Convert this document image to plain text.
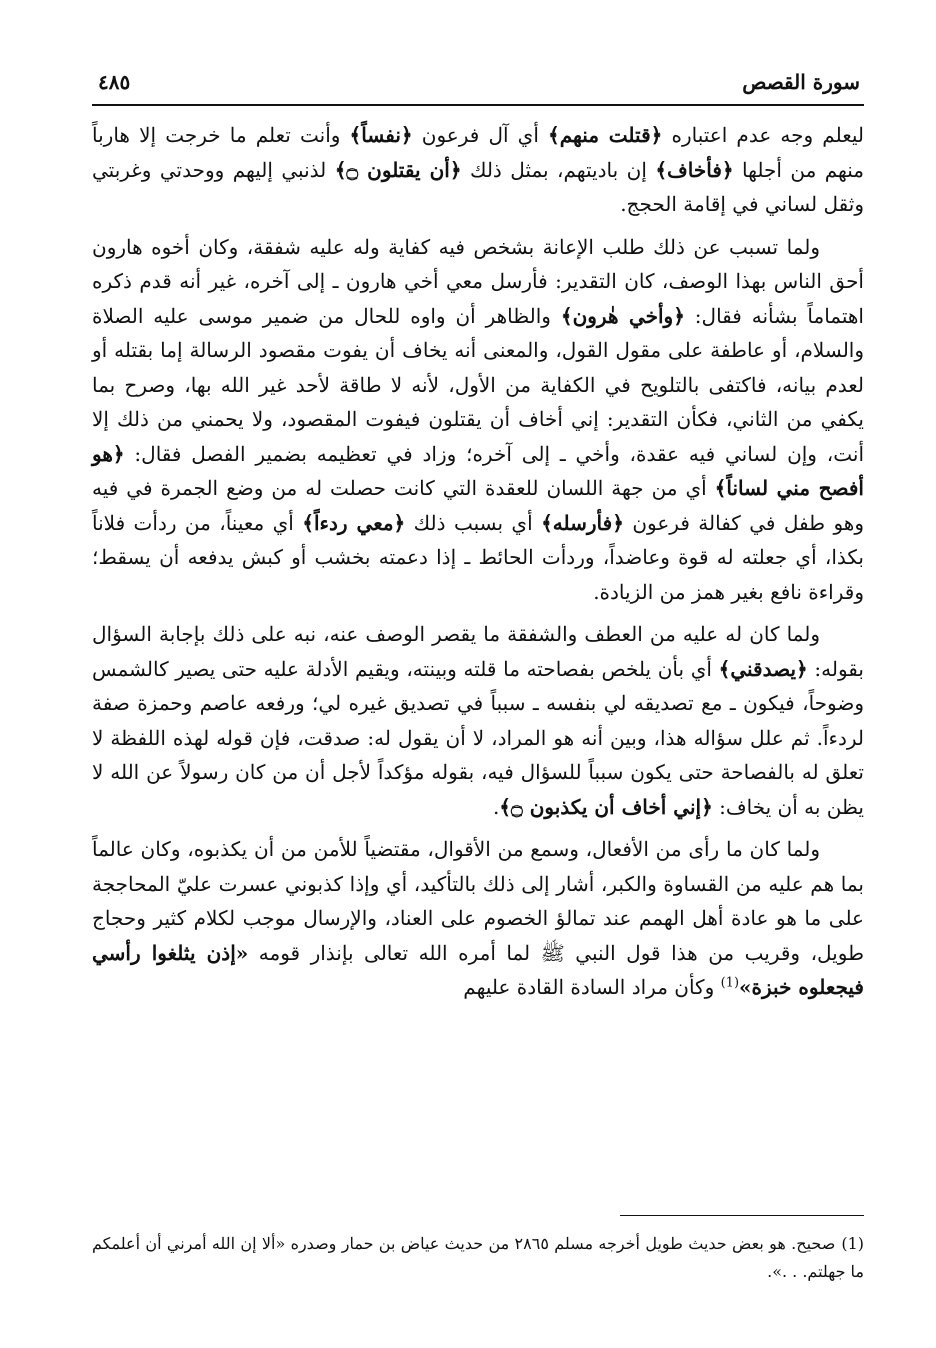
سورة القصص
٤٨٥

ليعلم وجه عدم اعتباره ﴿قتلت منهم﴾ أي آل فرعون ﴿نفساً﴾ وأنت تعلم ما خرجت إلا هارباً منهم من أجلها ﴿فأخاف﴾ إن باديتهم، بمثل ذلك ﴿أن يقتلون ۝﴾ لذنبي إليهم ووحدتي وغربتي وثقل لساني في إقامة الحجج.

ولما تسبب عن ذلك طلب الإعانة بشخص فيه كفاية وله عليه شفقة، وكان أخوه هارون أحق الناس بهذا الوصف، كان التقدير: فأرسل معي أخي هارون ـ إلى آخره، غير أنه قدم ذكره اهتماماً بشأنه فقال: ﴿وأخي هٰرون﴾ والظاهر أن واوه للحال من ضمير موسى عليه الصلاة والسلام، أو عاطفة على مقول القول، والمعنى أنه يخاف أن يفوت مقصود الرسالة إما بقتله أو لعدم بيانه، فاكتفى بالتلويح في الكفاية من الأول، لأنه لا طاقة لأحد غير الله بها، وصرح بما يكفي من الثاني، فكأن التقدير: إني أخاف أن يقتلون فيفوت المقصود، ولا يحمني من ذلك إلا أنت، وإن لساني فيه عقدة، وأخي ـ إلى آخره؛ وزاد في تعظيمه بضمير الفصل فقال: ﴿هو أفصح مني لساناً﴾ أي من جهة اللسان للعقدة التي كانت حصلت له من وضع الجمرة في فيه وهو طفل في كفالة فرعون ﴿فأرسله﴾ أي بسبب ذلك ﴿معي ردءاً﴾ أي معيناً، من ردأت فلاناً بكذا، أي جعلته له قوة وعاضداً، وردأت الحائط ـ إذا دعمته بخشب أو كبش يدفعه أن يسقط؛ وقراءة نافع بغير همز من الزيادة.

ولما كان له عليه من العطف والشفقة ما يقصر الوصف عنه، نبه على ذلك بإجابة السؤال بقوله: ﴿يصدقني﴾ أي بأن يلخص بفصاحته ما قلته وبينته، ويقيم الأدلة عليه حتى يصير كالشمس وضوحاً، فيكون ـ مع تصديقه لي بنفسه ـ سبباً في تصديق غيره لي؛ ورفعه عاصم وحمزة صفة لردءاً. ثم علل سؤاله هذا، وبين أنه هو المراد، لا أن يقول له: صدقت، فإن قوله لهذه اللفظة لا تعلق له بالفصاحة حتى يكون سبباً للسؤال فيه، بقوله مؤكداً لأجل أن من كان رسولاً عن الله لا يظن به أن يخاف: ﴿إني أخاف أن يكذبون ۝﴾.

ولما كان ما رأى من الأفعال، وسمع من الأقوال، مقتضياً للأمن من أن يكذبوه، وكان عالماً بما هم عليه من القساوة والكبر، أشار إلى ذلك بالتأكيد، أي وإذا كذبوني عسرت عليّ المحاججة على ما هو عادة أهل الهمم عند تمالؤ الخصوم على العناد، والإرسال موجب لكلام كثير وحجاج طويل، وقريب من هذا قول النبي ﷺ لما أمره الله تعالى بإنذار قومه «إذن يثلغوا رأسي فيجعلوه خبزة»$^{(1)}$ وكأن مراد السادة القادة عليهم

(1)صحيح. هو بعض حديث طويل أخرجه مسلم ٢٨٦٥ من حديث عياض بن حمار وصدره «ألا إن الله أمرني أن أعلمكم ما جهلتم. . .».
